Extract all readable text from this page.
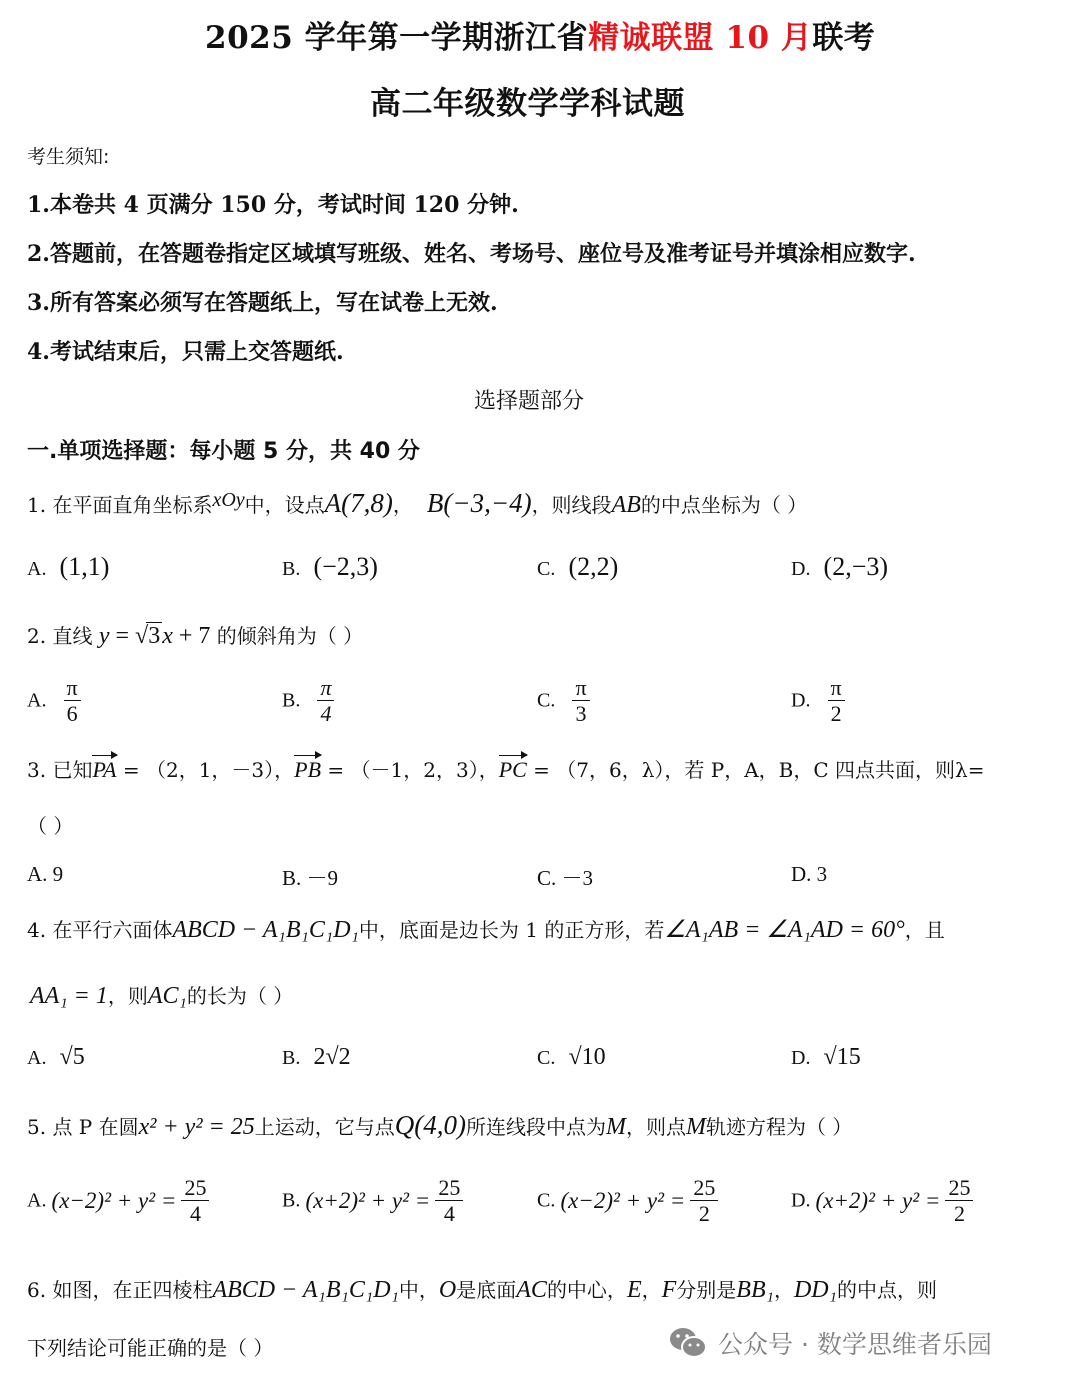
2025 学年第一学期浙江省精诚联盟 10 月联考
高二年级数学学科试题
考生须知:
1.本卷共 4 页满分 150 分，考试时间 120 分钟.
2.答题前，在答题卷指定区域填写班级、姓名、考场号、座位号及准考证号并填涂相应数字.
3.所有答案必须写在答题纸上，写在试卷上无效.
4.考试结束后，只需上交答题纸.
选择题部分
一.单项选择题：每小题 5 分，共 40 分
1. 在平面直角坐标系xOy中，设点A(7,8)， B(−3,−4)，则线段AB的中点坐标为（ ）
A. (1,1)	B. (−2,3)	C. (2,2)	D. (2,−3)
2. 直线 y = √3x + 7 的倾斜角为（ ）
A. $\frac{\pi}{6}$	B. $\frac{\pi}{4}$	C. $\frac{\pi}{3}$	D. $\frac{\pi}{2}$
3. 已知PA = （2，1，－3），PB = （－1，2，3），PC = （7，6，λ），若 P，A，B，C 四点共面，则λ=
（ ）
A. 9	B. －9	C. －3	D. 3
4. 在平行六面体ABCD − A₁B₁C₁D₁中，底面是边长为 1 的正方形，若∠A₁AB = ∠A₁AD = 60°，且
AA₁ = 1，则AC₁的长为（ ）
A. √5	B. 2√2	C. √10	D. √15
5. 点 P 在圆x² + y² = 25上运动，它与点Q(4,0)所连线段中点为M，则点M轨迹方程为（ ）
A. $(x-2)^2 + y^2 = \frac{25}{4}$	B. $(x+2)^2 + y^2 = \frac{25}{4}$	C. $(x-2)^2 + y^2 = \frac{25}{2}$	D. $(x+2)^2 + y^2 = \frac{25}{2}$
6. 如图，在正四棱柱ABCD − A₁B₁C₁D₁中，O是底面AC的中心，E，F分别是BB₁，DD₁的中点，则
下列结论可能正确的是（ ）	公众号 · 数学思维者乐园
